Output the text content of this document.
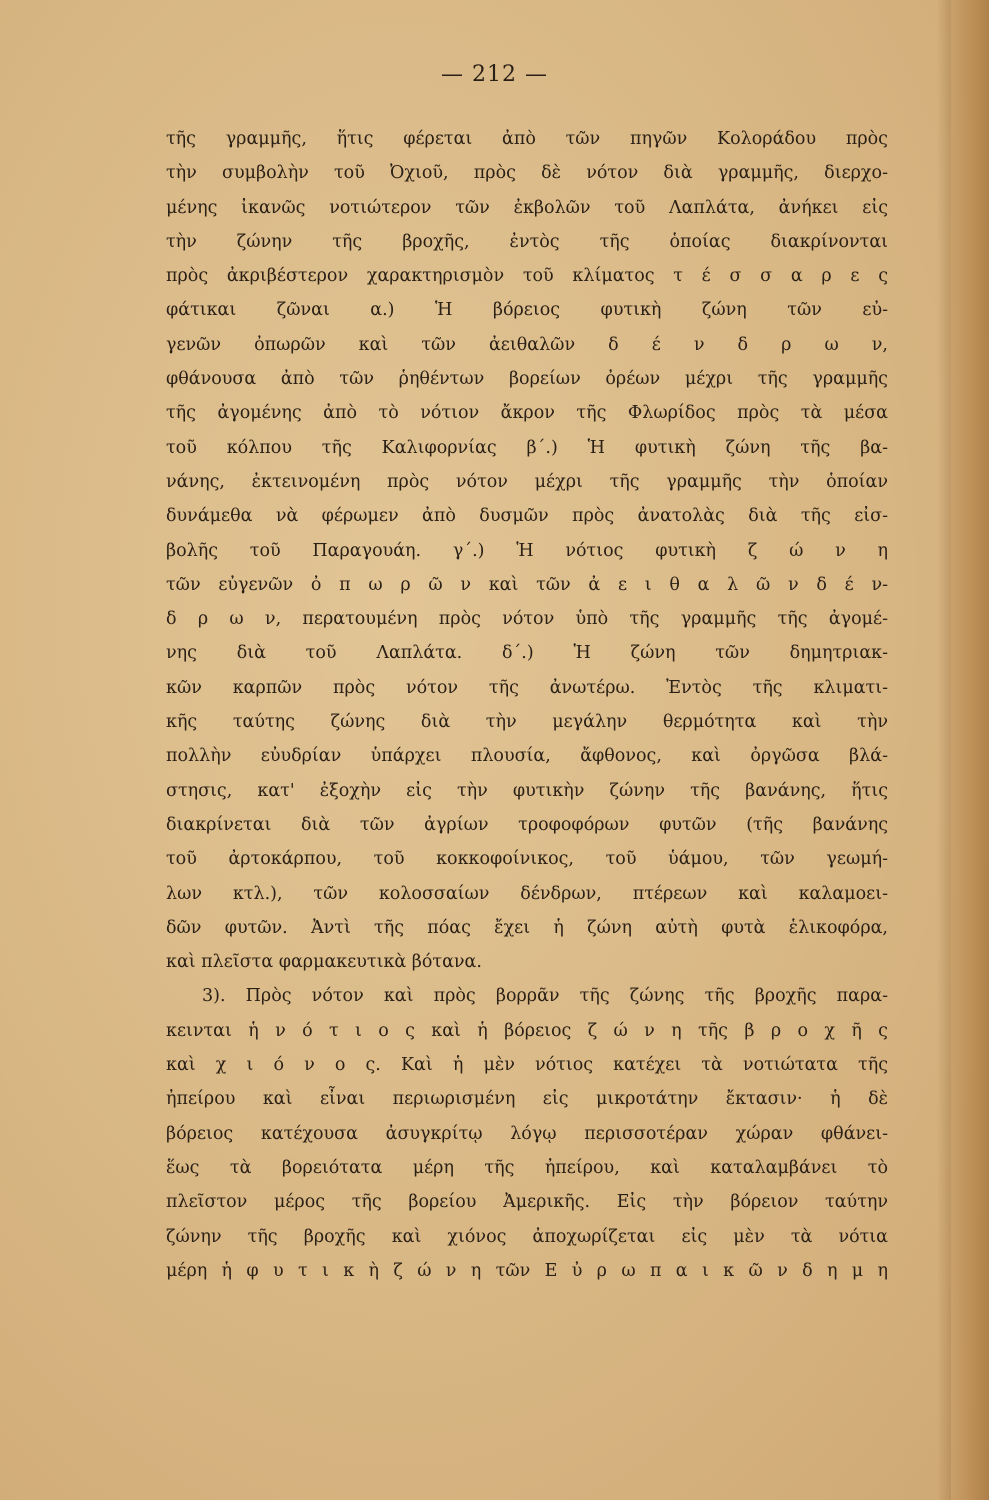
— 212 —
τῆς γραμμῆς, ἥτις φέρεται ἀπὸ τῶν πηγῶν Κολοράδου πρὸς
τὴν συμβολὴν τοῦ Ὀχιοῦ, πρὸς δὲ νότον διὰ γραμμῆς, διερχο-
μένης ἰκανῶς νοτιώτερον τῶν ἐκβολῶν τοῦ Λαπλάτα, ἀνήκει εἰς
τὴν ζώνην τῆς βροχῆς, ἐντὸς τῆς ὁποίας διακρίνονται
πρὸς ἀκριβέστερον χαρακτηρισμὸν τοῦ κλίματος τ έ σ σ α ρ ε ς
φάτικαι ζῶναι α.) Ἡ βόρειος φυτικὴ ζώνη τῶν εὐ-
γενῶν ὀπωρῶν καὶ τῶν ἀειθαλῶν δ έ ν δ ρ ω ν,
φθάνουσα ἀπὸ τῶν ῥηθέντων βορείων ὀρέων μέχρι τῆς γραμμῆς
τῆς ἀγομένης ἀπὸ τὸ νότιον ἄκρον τῆς Φλωρίδος πρὸς τὰ μέσα
τοῦ κόλπου τῆς Καλιφορνίας β΄.) Ἡ φυτικὴ ζώνη τῆς βα-
νάνης, ἐκτεινομένη πρὸς νότον μέχρι τῆς γραμμῆς τὴν ὁποίαν
δυνάμεθα νὰ φέρωμεν ἀπὸ δυσμῶν πρὸς ἀνατολὰς διὰ τῆς εἰσ-
βολῆς τοῦ Παραγουάη. γ΄.) Ἡ νότιος φυτικὴ ζ ώ ν η
τῶν εὐγενῶν ὀ π ω ρ ῶ ν καὶ τῶν ἀ ε ι θ α λ ῶ ν δ έ ν-
δ ρ ω ν, περατουμένη πρὸς νότον ὑπὸ τῆς γραμμῆς τῆς ἀγομέ-
νης διὰ τοῦ Λαπλάτα. δ΄.) Ἡ ζώνη τῶν δημητριακ-
κῶν καρπῶν πρὸς νότον τῆς ἀνωτέρω. Ἐντὸς τῆς κλιματι-
κῆς ταύτης ζώνης διὰ τὴν μεγάλην θερμότητα καὶ τὴν
πολλὴν εὐυδρίαν ὑπάρχει πλουσία, ἄφθονος, καὶ ὀργῶσα βλά-
στησις, κατ' ἐξοχὴν εἰς τὴν φυτικὴν ζώνην τῆς βανάνης, ἥτις
διακρίνεται διὰ τῶν ἀγρίων τροφοφόρων φυτῶν (τῆς βανάνης
τοῦ ἀρτοκάρπου, τοῦ κοκκοφοίνικος, τοῦ ὑάμου, τῶν γεωμή-
λων κτλ.), τῶν κολοσσαίων δένδρων, πτέρεων καὶ καλαμοει-
δῶν φυτῶν. Ἀντὶ τῆς πόας ἔχει ἡ ζώνη αὐτὴ φυτὰ ἑλικοφόρα,
καὶ πλεῖστα φαρμακευτικὰ βότανα.
3). Πρὸς νότον καὶ πρὸς βορρᾶν τῆς ζώνης τῆς βροχῆς παρα-
κεινται ἡ ν ό τ ι ο ς καὶ ἡ βόρειος ζ ώ ν η τῆς β ρ ο χ ῆ ς
καὶ χ ι ό ν ο ς. Καὶ ἡ μὲν νότιος κατέχει τὰ νοτιώτατα τῆς
ἠπείρου καὶ εἶναι περιωρισμένη εἰς μικροτάτην ἔκτασιν· ἡ δὲ
βόρειος κατέχουσα ἀσυγκρίτῳ λόγῳ περισσοτέραν χώραν φθάνει-
ἕως τὰ βορειότατα μέρη τῆς ἠπείρου, καὶ καταλαμβάνει τὸ
πλεῖστον μέρος τῆς βορείου Ἀμερικῆς. Εἰς τὴν βόρειον ταύτην
ζώνην τῆς βροχῆς καὶ χιόνος ἀποχωρίζεται εἰς μὲν τὰ νότια
μέρη ἡ φ υ τ ι κ ὴ ζ ώ ν η τῶν Ε ὐ ρ ω π α ι κ ῶ ν δ η μ η
